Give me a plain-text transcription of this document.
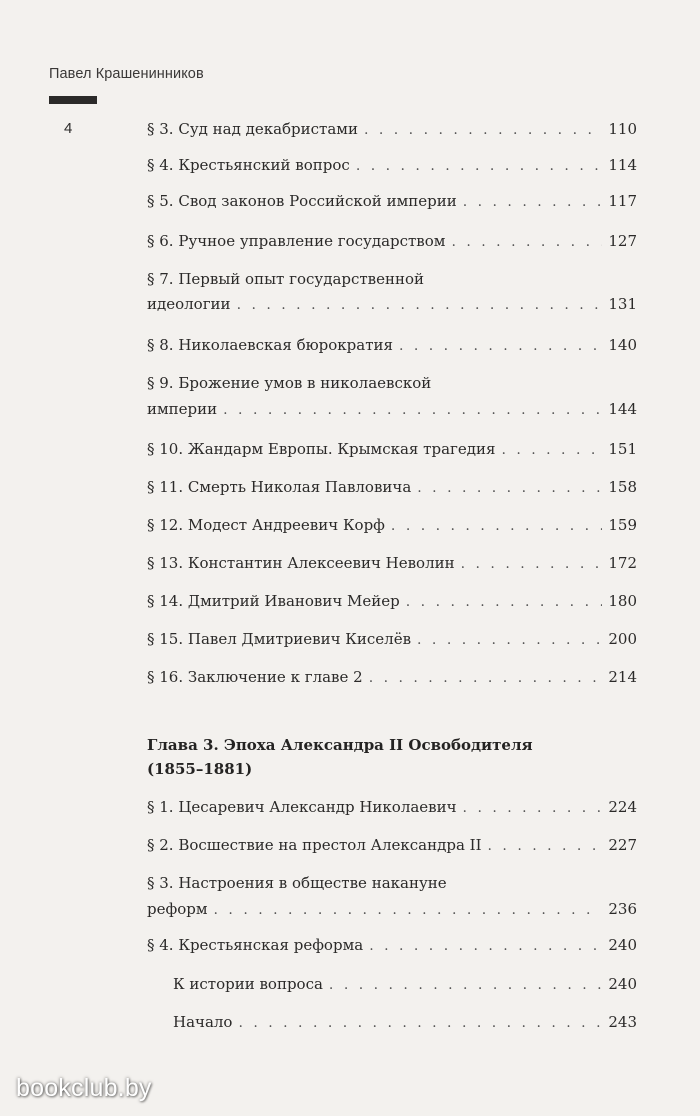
Павел Крашенинников
4	§ 3. Суд над декабристами . . .	110
§ 4. Крестьянский вопрос . . .	114
§ 5. Свод законов Российской империи . . .	117
§ 6. Ручное управление государством . . .	127
§ 7. Первый опыт государственной
идеологии . . .	131
§ 8. Николаевская бюрократия . . .	140
§ 9. Брожение умов в николаевской
империи . . .	144
§ 10. Жандарм Европы. Крымская трагедия . . .	151
§ 11. Смерть Николая Павловича . . .	158
§ 12. Модест Андреевич Корф . . .	159
§ 13. Константин Алексеевич Неволин . . .	172
§ 14. Дмитрий Иванович Мейер . . .	180
§ 15. Павел Дмитриевич Киселёв . . .	200
§ 16. Заключение к главе 2 . . .	214
Глава 3. Эпоха Александра II Освободителя
(1855–1881)
§ 1. Цесаревич Александр Николаевич . . .	224
§ 2. Восшествие на престол Александра II . . .	227
§ 3. Настроения в обществе накануне
реформ . . .	236
§ 4. Крестьянская реформа . . .	240
К истории вопроса . . .	240
Начало . . .	243
bookclub.by
